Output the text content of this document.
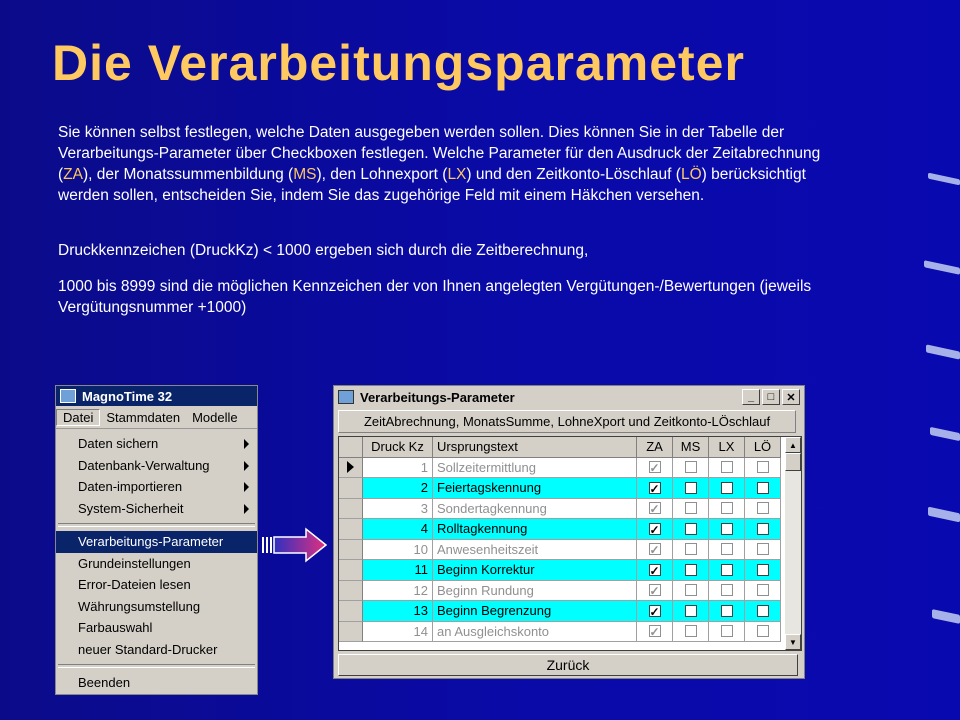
Die Verarbeitungsparameter

Sie können selbst festlegen, welche Daten ausgegeben werden sollen. Dies können Sie in der Tabelle der Verarbeitungs-Parameter über Checkboxen festlegen. Welche Parameter für den Ausdruck der Zeitabrechnung (ZA), der Monatssummenbildung (MS), den Lohnexport (LX) und den Zeitkonto-Löschlauf (LÖ) berücksichtigt werden sollen, entscheiden Sie, indem Sie das zugehörige Feld mit einem Häkchen versehen.

Druckkennzeichen (DruckKz) < 1000 ergeben sich durch die Zeitberechnung,

1000 bis 8999 sind die möglichen Kennzeichen der von Ihnen angelegten Vergütungen-/Bewertungen (jeweils Vergütungsnummer +1000)

MagnoTime 32
Datei	Stammdaten Modelle
Daten sichern
Datenbank-Verwaltung
Daten-importieren
System-Sicherheit
Verarbeitungs-Parameter
Grundeinstellungen
Error-Dateien lesen
Währungsumstellung
Farbauswahl
neuer Standard-Drucker
Beenden
Verarbeitungs-Parameter	_	□	✕
ZeitAbrechnung, MonatsSumme, LohneXport und Zeitkonto-LÖschlauf
Druck Kz	Ursprungstext	ZA	MS	LX	LÖ
1 Sollzeitermittlung	✓
2 Feiertagskennung	✓
3 Sondertagkennung	✓
4 Rolltagkennung	✓
10 Anwesenheitszeit	✓
11 Beginn Korrektur	✓
12 Beginn Rundung	✓
13 Beginn Begrenzung	✓
14 an Ausgleichskonto	✓
▲
▼
Zurück
